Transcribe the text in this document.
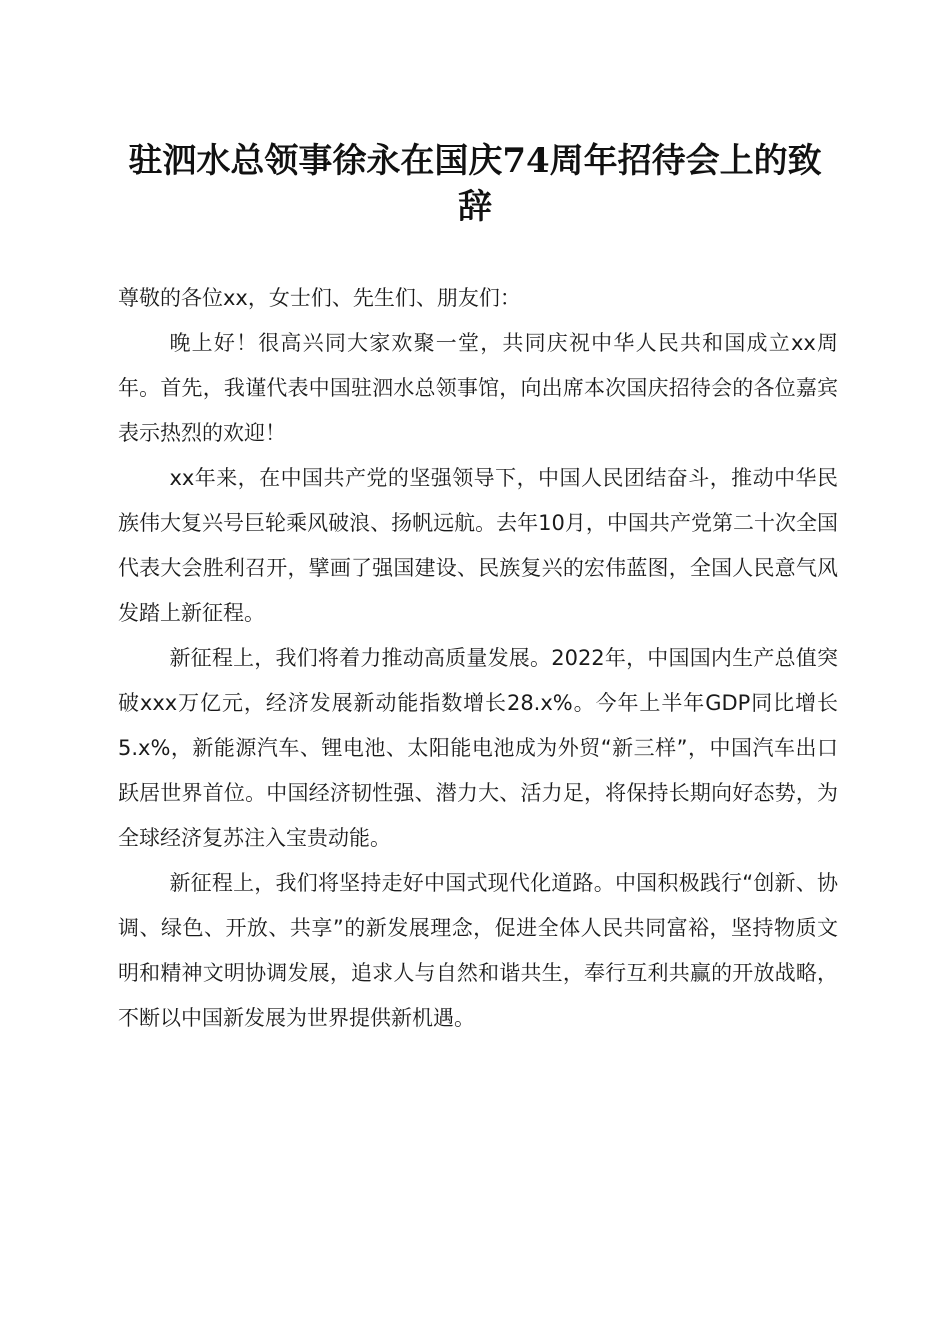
驻泗水总领事徐永在国庆74周年招待会上的致辞

尊敬的各位xx，女士们、先生们、朋友们：

晚上好！很高兴同大家欢聚一堂，共同庆祝中华人民共和国成立xx周年。首先，我谨代表中国驻泗水总领事馆，向出席本次国庆招待会的各位嘉宾表示热烈的欢迎！

xx年来，在中国共产党的坚强领导下，中国人民团结奋斗，推动中华民族伟大复兴号巨轮乘风破浪、扬帆远航。去年10月，中国共产党第二十次全国代表大会胜利召开，擘画了强国建设、民族复兴的宏伟蓝图，全国人民意气风发踏上新征程。

新征程上，我们将着力推动高质量发展。2022年，中国国内生产总值突破xxx万亿元，经济发展新动能指数增长28.x%。今年上半年GDP同比增长5.x%，新能源汽车、锂电池、太阳能电池成为外贸“新三样”，中国汽车出口跃居世界首位。中国经济韧性强、潜力大、活力足，将保持长期向好态势，为全球经济复苏注入宝贵动能。

新征程上，我们将坚持走好中国式现代化道路。中国积极践行“创新、协调、绿色、开放、共享”的新发展理念，促进全体人民共同富裕，坚持物质文明和精神文明协调发展，追求人与自然和谐共生，奉行互利共赢的开放战略，不断以中国新发展为世界提供新机遇。
